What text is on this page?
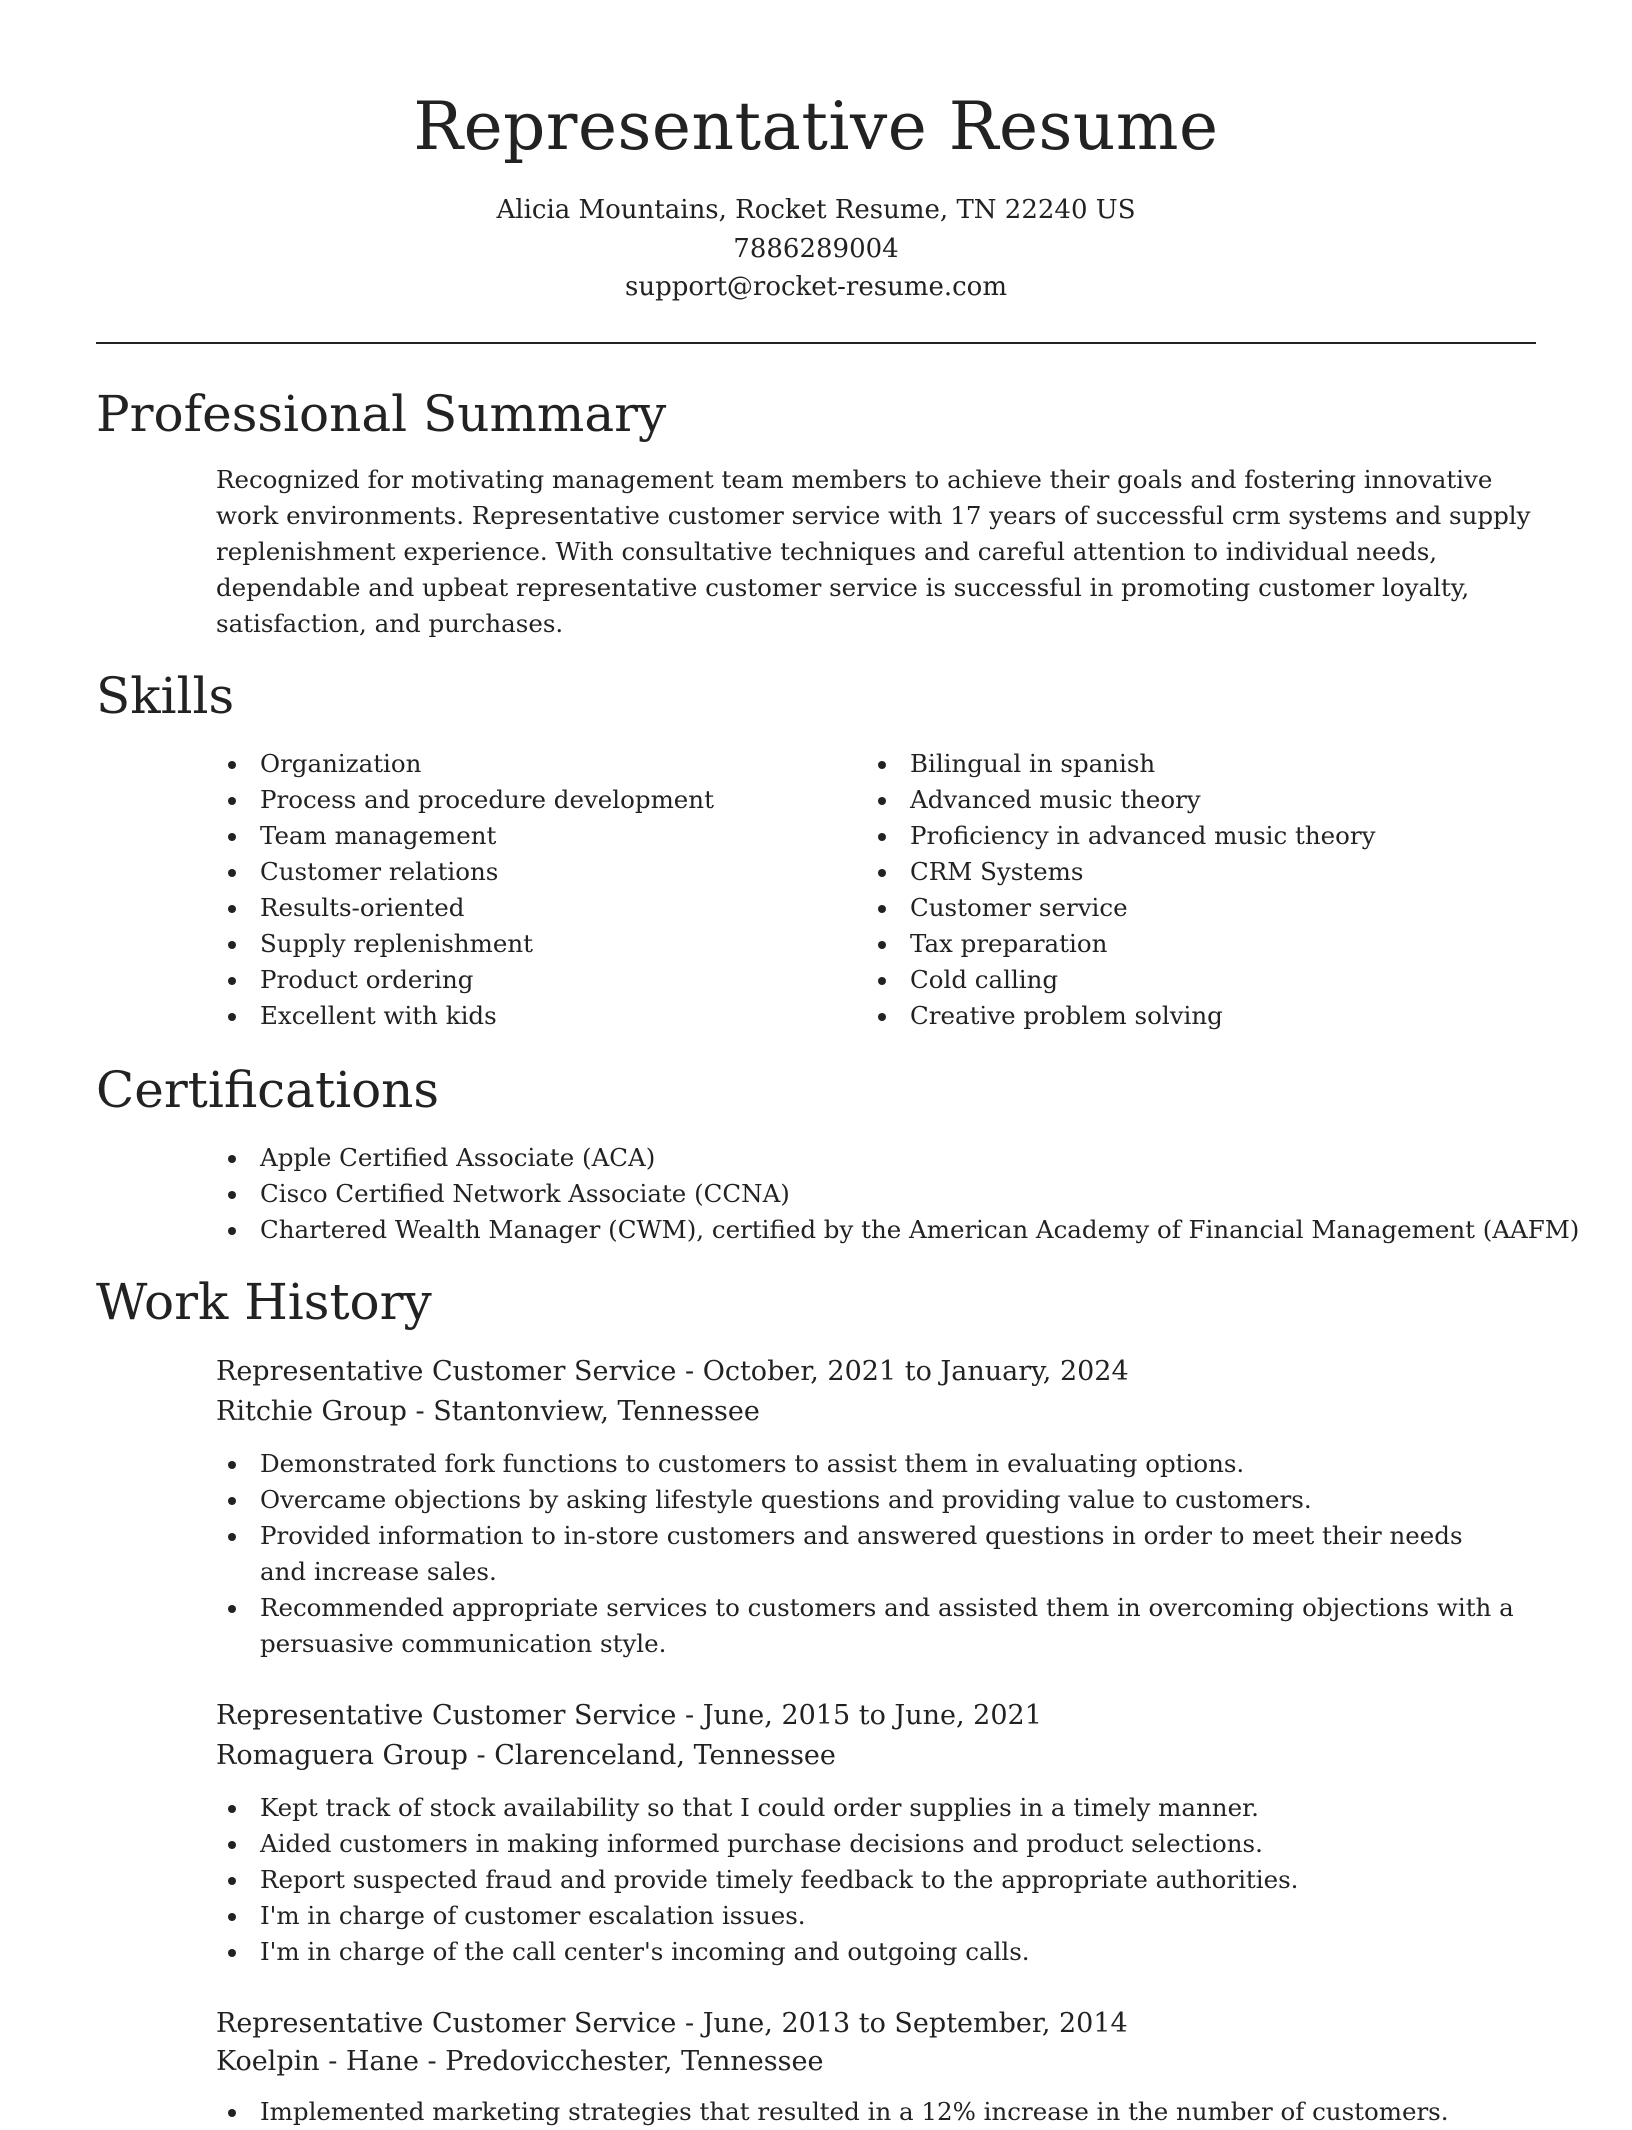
Representative Resume
Alicia Mountains, Rocket Resume, TN 22240 US
7886289004
support@rocket-resume.com
Professional Summary

Recognized for motivating management team members to achieve their goals and fostering innovative work environments. Representative customer service with 17 years of successful crm systems and supply replenishment experience. With consultative techniques and careful attention to individual needs, dependable and upbeat representative customer service is successful in promoting customer loyalty, satisfaction, and purchases.

Skills
Organization
Process and procedure development
Team management
Customer relations
Results-oriented
Supply replenishment
Product ordering
Excellent with kids
Bilingual in spanish
Advanced music theory
Proficiency in advanced music theory
CRM Systems
Customer service
Tax preparation
Cold calling
Creative problem solving
Certifications
Apple Certified Associate (ACA)
Cisco Certified Network Associate (CCNA)
Chartered Wealth Manager (CWM), certified by the American Academy of Financial Management (AAFM)
Work History
Representative Customer Service - October, 2021 to January, 2024
Ritchie Group - Stantonview, Tennessee
Demonstrated fork functions to customers to assist them in evaluating options.
Overcame objections by asking lifestyle questions and providing value to customers.
Provided information to in-store customers and answered questions in order to meet their needs and increase sales.
Recommended appropriate services to customers and assisted them in overcoming objections with a persuasive communication style.
Representative Customer Service - June, 2015 to June, 2021
Romaguera Group - Clarenceland, Tennessee
Kept track of stock availability so that I could order supplies in a timely manner.
Aided customers in making informed purchase decisions and product selections.
Report suspected fraud and provide timely feedback to the appropriate authorities.
I'm in charge of customer escalation issues.
I'm in charge of the call center's incoming and outgoing calls.
Representative Customer Service - June, 2013 to September, 2014
Koelpin - Hane - Predovicchester, Tennessee
Implemented marketing strategies that resulted in a 12% increase in the number of customers.
